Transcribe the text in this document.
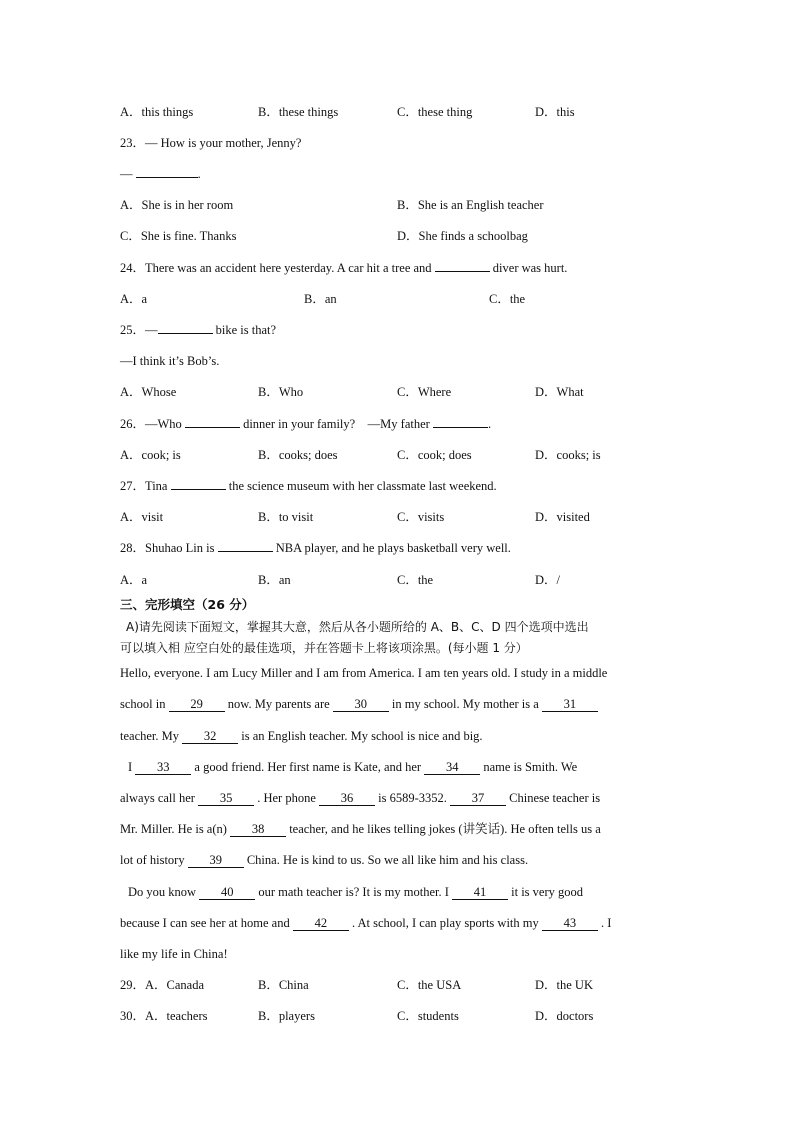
A．this things	B．these things	C．these thing	D．this
23．— How is your mother, Jenny?
—	.
A．She is in her room	B．She is an English teacher
C．She is fine. Thanks	D．She finds a schoolbag
24．There was an accident here yesterday. A car hit a tree and	diver was hurt.
A．a	B．an	C．the
25．—	bike is that?
—I think it’s Bob’s.
A．Whose	B．Who	C．Where	D．What
26．—Who	dinner in your family?　—My father	.
A．cook; is	B．cooks; does	C．cook; does	D．cooks; is
27．Tina	the science museum with her classmate last weekend.
A．visit	B．to visit	C．visits	D．visited
28．Shuhao Lin is	NBA player, and he plays basketball very well.
A．a	B．an	C．the	D．/
三、完形填空（26 分）
A)请先阅读下面短文，掌握其大意，然后从各小题所给的 A、B、C、D 四个选项中选出
可以填入相 应空白处的最佳选项，并在答题卡上将该项涂黑。(每小题 1 分）
Hello, everyone. I am Lucy Miller and I am from America. I am ten years old. I study in a middle
school in 29 now. My parents are 30 in my school. My mother is a 31
teacher. My 32 is an English teacher. My school is nice and big.
I 33 a good friend. Her first name is Kate, and her 34 name is Smith. We
always call her 35 . Her phone 36 is 6589-3352. 37 Chinese teacher is
Mr. Miller. He is a(n) 38 teacher, and he likes telling jokes (讲笑话). He often tells us a
lot of history 39 China. He is kind to us. So we all like him and his class.
Do you know 40 our math teacher is? It is my mother. I 41 it is very good
because I can see her at home and 42 . At school, I can play sports with my 43 . I
like my life in China!
29．A．Canada	B．China	C．the USA	D．the UK
30．A．teachers	B．players	C．students	D．doctors
